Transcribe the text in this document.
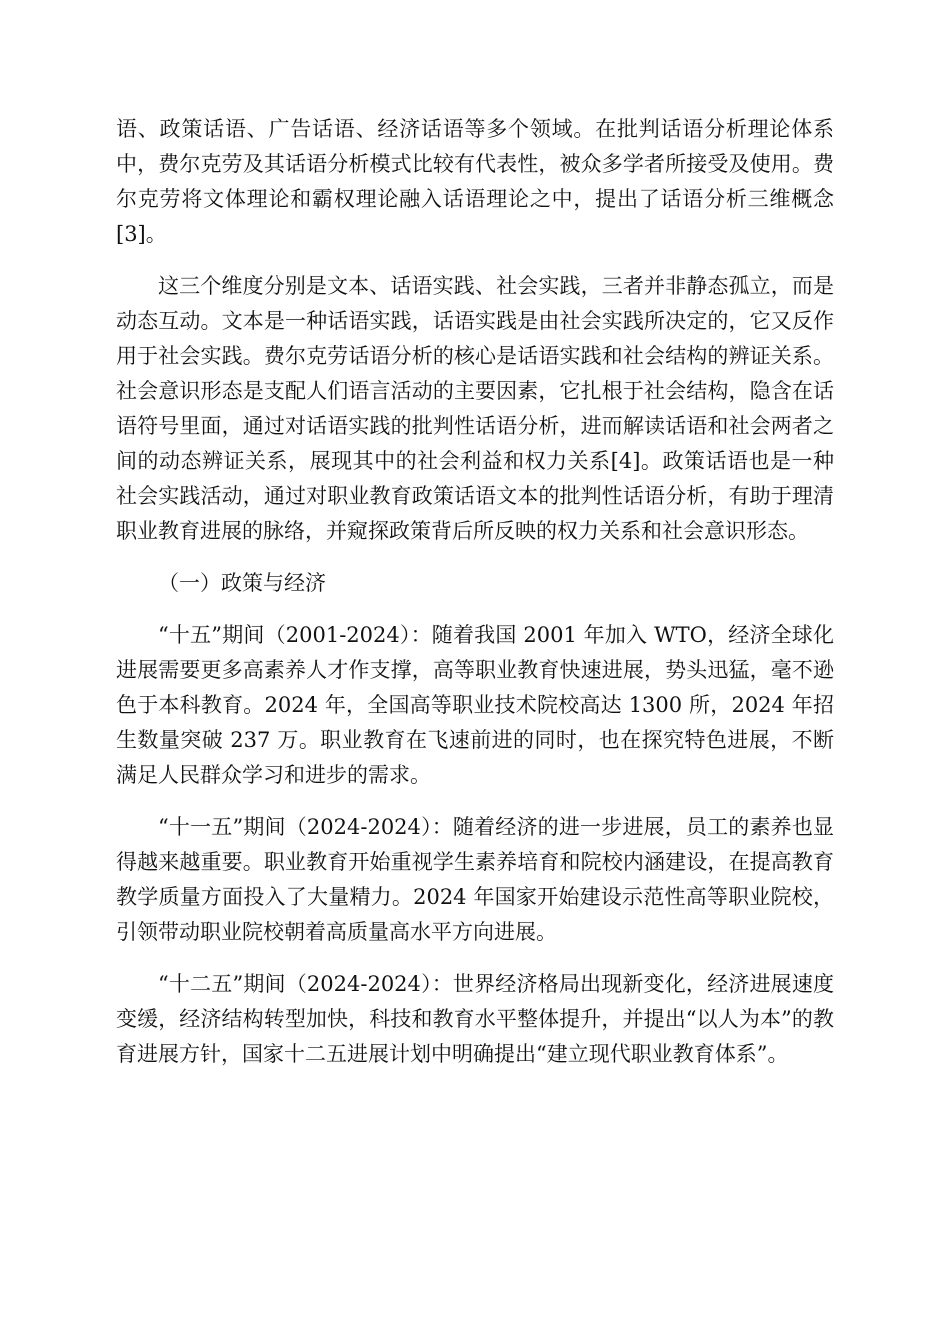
语、政策话语、广告话语、经济话语等多个领域。在批判话语分析理论体系中，费尔克劳及其话语分析模式比较有代表性，被众多学者所接受及使用。费尔克劳将文体理论和霸权理论融入话语理论之中，提出了话语分析三维概念[3]。

这三个维度分别是文本、话语实践、社会实践，三者并非静态孤立，而是动态互动。文本是一种话语实践，话语实践是由社会实践所决定的，它又反作用于社会实践。费尔克劳话语分析的核心是话语实践和社会结构的辨证关系。社会意识形态是支配人们语言活动的主要因素，它扎根于社会结构，隐含在话语符号里面，通过对话语实践的批判性话语分析，进而解读话语和社会两者之间的动态辨证关系，展现其中的社会利益和权力关系[4]。政策话语也是一种社会实践活动，通过对职业教育政策话语文本的批判性话语分析，有助于理清职业教育进展的脉络，并窥探政策背后所反映的权力关系和社会意识形态。

（一）政策与经济

“十五”期间（2001-2024）：随着我国 2001 年加入 WTO，经济全球化进展需要更多高素养人才作支撑，高等职业教育快速进展，势头迅猛，毫不逊色于本科教育。2024 年，全国高等职业技术院校高达 1300 所，2024 年招生数量突破 237 万。职业教育在飞速前进的同时，也在探究特色进展，不断满足人民群众学习和进步的需求。

“十一五”期间（2024-2024）：随着经济的进一步进展，员工的素养也显得越来越重要。职业教育开始重视学生素养培育和院校内涵建设，在提高教育教学质量方面投入了大量精力。2024 年国家开始建设示范性高等职业院校，引领带动职业院校朝着高质量高水平方向进展。

“十二五”期间（2024-2024）：世界经济格局出现新变化，经济进展速度变缓，经济结构转型加快，科技和教育水平整体提升，并提出“以人为本”的教育进展方针，国家十二五进展计划中明确提出“建立现代职业教育体系”。
